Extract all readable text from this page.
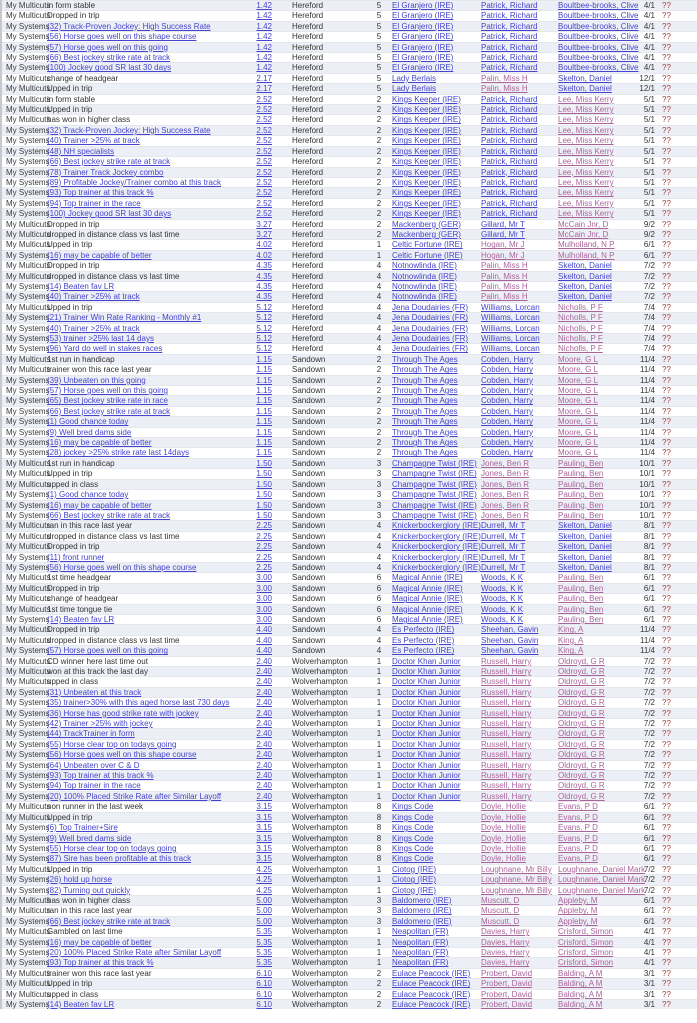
My Multicuts	in form stable	1.42	Hereford	5	El Granjero (IRE)	Patrick, Richard	Boultbee-brooks, Clive	4/1	??
My Multicuts	Dropped in trip	1.42	Hereford	5	El Granjero (IRE)	Patrick, Richard	Boultbee-brooks, Clive	4/1	??
My Systems	(32) Track-Proven Jockey: High Success Rate	1.42	Hereford	5	El Granjero (IRE)	Patrick, Richard	Boultbee-brooks, Clive	4/1	??
My Systems	(56) Horse goes well on this shape course	1.42	Hereford	5	El Granjero (IRE)	Patrick, Richard	Boultbee-brooks, Clive	4/1	??
My Systems	(57) Horse goes well on this going	1.42	Hereford	5	El Granjero (IRE)	Patrick, Richard	Boultbee-brooks, Clive	4/1	??
My Systems	(66) Best jockey strike rate at track	1.42	Hereford	5	El Granjero (IRE)	Patrick, Richard	Boultbee-brooks, Clive	4/1	??
My Systems	(100) Jockey good SR last 30 days	1.42	Hereford	5	El Granjero (IRE)	Patrick, Richard	Boultbee-brooks, Clive	4/1	??
My Multicuts	change of headgear	2.17	Hereford	5	Lady Berlais	Palin, Miss H	Skelton, Daniel	12/1	??
My Multicuts	Upped in trip	2.17	Hereford	5	Lady Berlais	Palin, Miss H	Skelton, Daniel	12/1	??
My Multicuts	in form stable	2.52	Hereford	2	Kings Keeper (IRE)	Patrick, Richard	Lee, Miss Kerry	5/1	??
My Multicuts	Upped in trip	2.52	Hereford	2	Kings Keeper (IRE)	Patrick, Richard	Lee, Miss Kerry	5/1	??
My Multicuts	has won in higher class	2.52	Hereford	2	Kings Keeper (IRE)	Patrick, Richard	Lee, Miss Kerry	5/1	??
My Systems	(32) Track-Proven Jockey: High Success Rate	2.52	Hereford	2	Kings Keeper (IRE)	Patrick, Richard	Lee, Miss Kerry	5/1	??
My Systems	(40) Trainer >25% at track	2.52	Hereford	2	Kings Keeper (IRE)	Patrick, Richard	Lee, Miss Kerry	5/1	??
My Systems	(48) NH specialists	2.52	Hereford	2	Kings Keeper (IRE)	Patrick, Richard	Lee, Miss Kerry	5/1	??
My Systems	(66) Best jockey strike rate at track	2.52	Hereford	2	Kings Keeper (IRE)	Patrick, Richard	Lee, Miss Kerry	5/1	??
My Systems	(78) Trainer Track Jockey combo	2.52	Hereford	2	Kings Keeper (IRE)	Patrick, Richard	Lee, Miss Kerry	5/1	??
My Systems	(89) Profitable Jockey/Trainer combo at this track	2.52	Hereford	2	Kings Keeper (IRE)	Patrick, Richard	Lee, Miss Kerry	5/1	??
My Systems	(93) Top trainer at this track %	2.52	Hereford	2	Kings Keeper (IRE)	Patrick, Richard	Lee, Miss Kerry	5/1	??
My Systems	(94) Top trainer in the race	2.52	Hereford	2	Kings Keeper (IRE)	Patrick, Richard	Lee, Miss Kerry	5/1	??
My Systems	(100) Jockey good SR last 30 days	2.52	Hereford	2	Kings Keeper (IRE)	Patrick, Richard	Lee, Miss Kerry	5/1	??
My Multicuts	Dropped in trip	3.27	Hereford	2	Mackenberg (GER)	Gillard, Mr T	McCain Jnr, D	9/2	??
My Multicuts	dropped in distance class vs last time	3.27	Hereford	2	Mackenberg (GER)	Gillard, Mr T	McCain Jnr, D	9/2	??
My Multicuts	Upped in trip	4.02	Hereford	1	Celtic Fortune (IRE)	Hogan, Mr J	Mulholland, N P	6/1	??
My Systems	(16) may be capable of better	4.02	Hereford	1	Celtic Fortune (IRE)	Hogan, Mr J	Mulholland, N P	6/1	??
My Multicuts	Dropped in trip	4.35	Hereford	4	Notnowlinda (IRE)	Palin, Miss H	Skelton, Daniel	7/2	??
My Multicuts	dropped in distance class vs last time	4.35	Hereford	4	Notnowlinda (IRE)	Palin, Miss H	Skelton, Daniel	7/2	??
My Systems	(14) Beaten fav LR	4.35	Hereford	4	Notnowlinda (IRE)	Palin, Miss H	Skelton, Daniel	7/2	??
My Systems	(40) Trainer >25% at track	4.35	Hereford	4	Notnowlinda (IRE)	Palin, Miss H	Skelton, Daniel	7/2	??
My Multicuts	Upped in trip	5.12	Hereford	4	Jena Doudairies (FR)	Williams, Lorcan	Nicholls, P F	7/4	??
My Systems	(21) Trainer Win Rate Ranking - Monthly #1	5.12	Hereford	4	Jena Doudairies (FR)	Williams, Lorcan	Nicholls, P F	7/4	??
My Systems	(40) Trainer >25% at track	5.12	Hereford	4	Jena Doudairies (FR)	Williams, Lorcan	Nicholls, P F	7/4	??
My Systems	(53) trainer >25% last 14 days	5.12	Hereford	4	Jena Doudairies (FR)	Williams, Lorcan	Nicholls, P F	7/4	??
My Systems	(96) Yard do well in stakes races	5.12	Hereford	4	Jena Doudairies (FR)	Williams, Lorcan	Nicholls, P F	7/4	??
My Multicuts	1st run in handicap	1.15	Sandown	2	Through The Ages	Cobden, Harry	Moore, G L	11/4	??
My Multicuts	trainer won this race last year	1.15	Sandown	2	Through The Ages	Cobden, Harry	Moore, G L	11/4	??
My Systems	(39) Unbeaten on this going	1.15	Sandown	2	Through The Ages	Cobden, Harry	Moore, G L	11/4	??
My Systems	(57) Horse goes well on this going	1.15	Sandown	2	Through The Ages	Cobden, Harry	Moore, G L	11/4	??
My Systems	(65) Best jockey strike rate in race	1.15	Sandown	2	Through The Ages	Cobden, Harry	Moore, G L	11/4	??
My Systems	(66) Best jockey strike rate at track	1.15	Sandown	2	Through The Ages	Cobden, Harry	Moore, G L	11/4	??
My Systems	(1) Good chance today	1.15	Sandown	2	Through The Ages	Cobden, Harry	Moore, G L	11/4	??
My Systems	(9) Well bred dams side	1.15	Sandown	2	Through The Ages	Cobden, Harry	Moore, G L	11/4	??
My Systems	(16) may be capable of better	1.15	Sandown	2	Through The Ages	Cobden, Harry	Moore, G L	11/4	??
My Systems	(28) jockey >25% strike rate last 14days	1.15	Sandown	2	Through The Ages	Cobden, Harry	Moore, G L	11/4	??
My Multicuts	1st run in handicap	1.50	Sandown	3	Champagne Twist (IRE)	Jones, Ben R	Pauling, Ben	10/1	??
My Multicuts	Upped in trip	1.50	Sandown	3	Champagne Twist (IRE)	Jones, Ben R	Pauling, Ben	10/1	??
My Multicuts	upped in class	1.50	Sandown	3	Champagne Twist (IRE)	Jones, Ben R	Pauling, Ben	10/1	??
My Systems	(1) Good chance today	1.50	Sandown	3	Champagne Twist (IRE)	Jones, Ben R	Pauling, Ben	10/1	??
My Systems	(16) may be capable of better	1.50	Sandown	3	Champagne Twist (IRE)	Jones, Ben R	Pauling, Ben	10/1	??
My Systems	(66) Best jockey strike rate at track	1.50	Sandown	3	Champagne Twist (IRE)	Jones, Ben R	Pauling, Ben	10/1	??
My Multicuts	ran in this race last year	2.25	Sandown	4	Knickerbockerglory (IRE)	Durrell, Mr T	Skelton, Daniel	8/1	??
My Multicuts	dropped in distance class vs last time	2.25	Sandown	4	Knickerbockerglory (IRE)	Durrell, Mr T	Skelton, Daniel	8/1	??
My Multicuts	Dropped in trip	2.25	Sandown	4	Knickerbockerglory (IRE)	Durrell, Mr T	Skelton, Daniel	8/1	??
My Systems	(11) front runner	2.25	Sandown	4	Knickerbockerglory (IRE)	Durrell, Mr T	Skelton, Daniel	8/1	??
My Systems	(56) Horse goes well on this shape course	2.25	Sandown	4	Knickerbockerglory (IRE)	Durrell, Mr T	Skelton, Daniel	8/1	??
My Multicuts	1st time headgear	3.00	Sandown	6	Magical Annie (IRE)	Woods, K K	Pauling, Ben	6/1	??
My Multicuts	Dropped in trip	3.00	Sandown	6	Magical Annie (IRE)	Woods, K K	Pauling, Ben	6/1	??
My Multicuts	change of headgear	3.00	Sandown	6	Magical Annie (IRE)	Woods, K K	Pauling, Ben	6/1	??
My Multicuts	1st time tongue tie	3.00	Sandown	6	Magical Annie (IRE)	Woods, K K	Pauling, Ben	6/1	??
My Systems	(14) Beaten fav LR	3.00	Sandown	6	Magical Annie (IRE)	Woods, K K	Pauling, Ben	6/1	??
My Multicuts	Dropped in trip	4.40	Sandown	4	Es Perfecto (IRE)	Sheehan, Gavin	King, A	11/4	??
My Multicuts	dropped in distance class vs last time	4.40	Sandown	4	Es Perfecto (IRE)	Sheehan, Gavin	King, A	11/4	??
My Systems	(57) Horse goes well on this going	4.40	Sandown	4	Es Perfecto (IRE)	Sheehan, Gavin	King, A	11/4	??
My Multicuts	CD winner here last time out	2.40	Wolverhampton	1	Doctor Khan Junior	Russell, Harry	Oldroyd, G R	7/2	??
My Multicuts	won at this track the last day	2.40	Wolverhampton	1	Doctor Khan Junior	Russell, Harry	Oldroyd, G R	7/2	??
My Multicuts	upped in class	2.40	Wolverhampton	1	Doctor Khan Junior	Russell, Harry	Oldroyd, G R	7/2	??
My Systems	(31) Unbeaten at this track	2.40	Wolverhampton	1	Doctor Khan Junior	Russell, Harry	Oldroyd, G R	7/2	??
My Systems	(35) trainer>30% with this aged horse last 730 days	2.40	Wolverhampton	1	Doctor Khan Junior	Russell, Harry	Oldroyd, G R	7/2	??
My Systems	(36) Horse has good strike rate with jockey	2.40	Wolverhampton	1	Doctor Khan Junior	Russell, Harry	Oldroyd, G R	7/2	??
My Systems	(42) Trainer >25% with jockey	2.40	Wolverhampton	1	Doctor Khan Junior	Russell, Harry	Oldroyd, G R	7/2	??
My Systems	(44) TrackTrainer in form	2.40	Wolverhampton	1	Doctor Khan Junior	Russell, Harry	Oldroyd, G R	7/2	??
My Systems	(55) Horse clear top on todays going	2.40	Wolverhampton	1	Doctor Khan Junior	Russell, Harry	Oldroyd, G R	7/2	??
My Systems	(56) Horse goes well on this shape course	2.40	Wolverhampton	1	Doctor Khan Junior	Russell, Harry	Oldroyd, G R	7/2	??
My Systems	(64) Unbeaten over C & D	2.40	Wolverhampton	1	Doctor Khan Junior	Russell, Harry	Oldroyd, G R	7/2	??
My Systems	(93) Top trainer at this track %	2.40	Wolverhampton	1	Doctor Khan Junior	Russell, Harry	Oldroyd, G R	7/2	??
My Systems	(94) Top trainer in the race	2.40	Wolverhampton	1	Doctor Khan Junior	Russell, Harry	Oldroyd, G R	7/2	??
My Systems	(20) 100% Placed Strike Rate after Similar Layoff	2.40	Wolverhampton	1	Doctor Khan Junior	Russell, Harry	Oldroyd, G R	7/2	??
My Multicuts	non runner in the last week	3.15	Wolverhampton	8	Kings Code	Doyle, Hollie	Evans, P D	6/1	??
My Multicuts	Upped in trip	3.15	Wolverhampton	8	Kings Code	Doyle, Hollie	Evans, P D	6/1	??
My Systems	(6) Top Trainer+Sire	3.15	Wolverhampton	8	Kings Code	Doyle, Hollie	Evans, P D	6/1	??
My Systems	(9) Well bred dams side	3.15	Wolverhampton	8	Kings Code	Doyle, Hollie	Evans, P D	6/1	??
My Systems	(55) Horse clear top on todays going	3.15	Wolverhampton	8	Kings Code	Doyle, Hollie	Evans, P D	6/1	??
My Systems	(87) Sire has been profitable at this track	3.15	Wolverhampton	8	Kings Code	Doyle, Hollie	Evans, P D	6/1	??
My Multicuts	Upped in trip	4.25	Wolverhampton	1	Ciotog (IRE)	Loughnane, Mr Billy	Loughnane, Daniel Mark	7/2	??
My Systems	(26) hold up horse	4.25	Wolverhampton	1	Ciotog (IRE)	Loughnane, Mr Billy	Loughnane, Daniel Mark	7/2	??
My Systems	(82) Turning out quickly	4.25	Wolverhampton	1	Ciotog (IRE)	Loughnane, Mr Billy	Loughnane, Daniel Mark	7/2	??
My Multicuts	has won in higher class	5.00	Wolverhampton	3	Baldomero (IRE)	Muscutt, D	Appleby, M	6/1	??
My Multicuts	ran in this race last year	5.00	Wolverhampton	3	Baldomero (IRE)	Muscutt, D	Appleby, M	6/1	??
My Systems	(66) Best jockey strike rate at track	5.00	Wolverhampton	3	Baldomero (IRE)	Muscutt, D	Appleby, M	6/1	??
My Multicuts	Gambled on last time	5.35	Wolverhampton	1	Neapolitan (FR)	Davies, Harry	Crisford, Simon	4/1	??
My Systems	(16) may be capable of better	5.35	Wolverhampton	1	Neapolitan (FR)	Davies, Harry	Crisford, Simon	4/1	??
My Systems	(20) 100% Placed Strike Rate after Similar Layoff	5.35	Wolverhampton	1	Neapolitan (FR)	Davies, Harry	Crisford, Simon	4/1	??
My Systems	(93) Top trainer at this track %	5.35	Wolverhampton	1	Neapolitan (FR)	Davies, Harry	Crisford, Simon	4/1	??
My Multicuts	trainer won this race last year	6.10	Wolverhampton	2	Eulace Peacock (IRE)	Probert, David	Balding, A M	3/1	??
My Multicuts	Upped in trip	6.10	Wolverhampton	2	Eulace Peacock (IRE)	Probert, David	Balding, A M	3/1	??
My Multicuts	upped in class	6.10	Wolverhampton	2	Eulace Peacock (IRE)	Probert, David	Balding, A M	3/1	??
My Systems	(14) Beaten fav LR	6.10	Wolverhampton	2	Eulace Peacock (IRE)	Probert, David	Balding, A M	3/1	??
